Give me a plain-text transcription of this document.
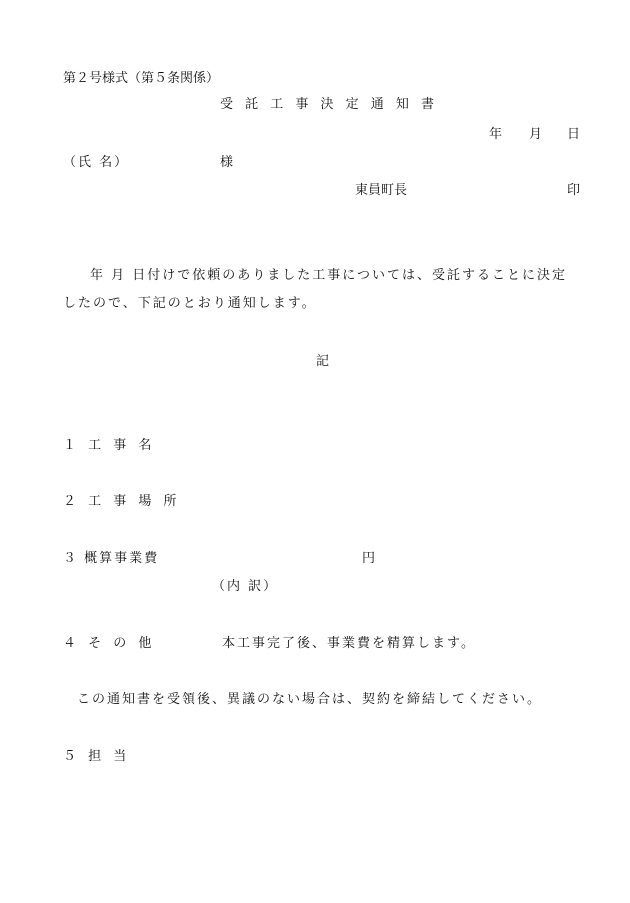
第２号様式（第５条関係）
受 託 工 事 決 定 通 知 書
年 月 日
（氏 名）	様
東員町長	印
年 月 日付けで依頼のありました工事については、受託することに決定
したので、下記のとおり通知します。
記
１ 工 事 名
２ 工 事 場 所
３ 概算事業費	円
（内 訳）
４ そ の 他	本工事完了後、事業費を精算します。
この通知書を受領後、異議のない場合は、契約を締結してください。
５ 担 当
